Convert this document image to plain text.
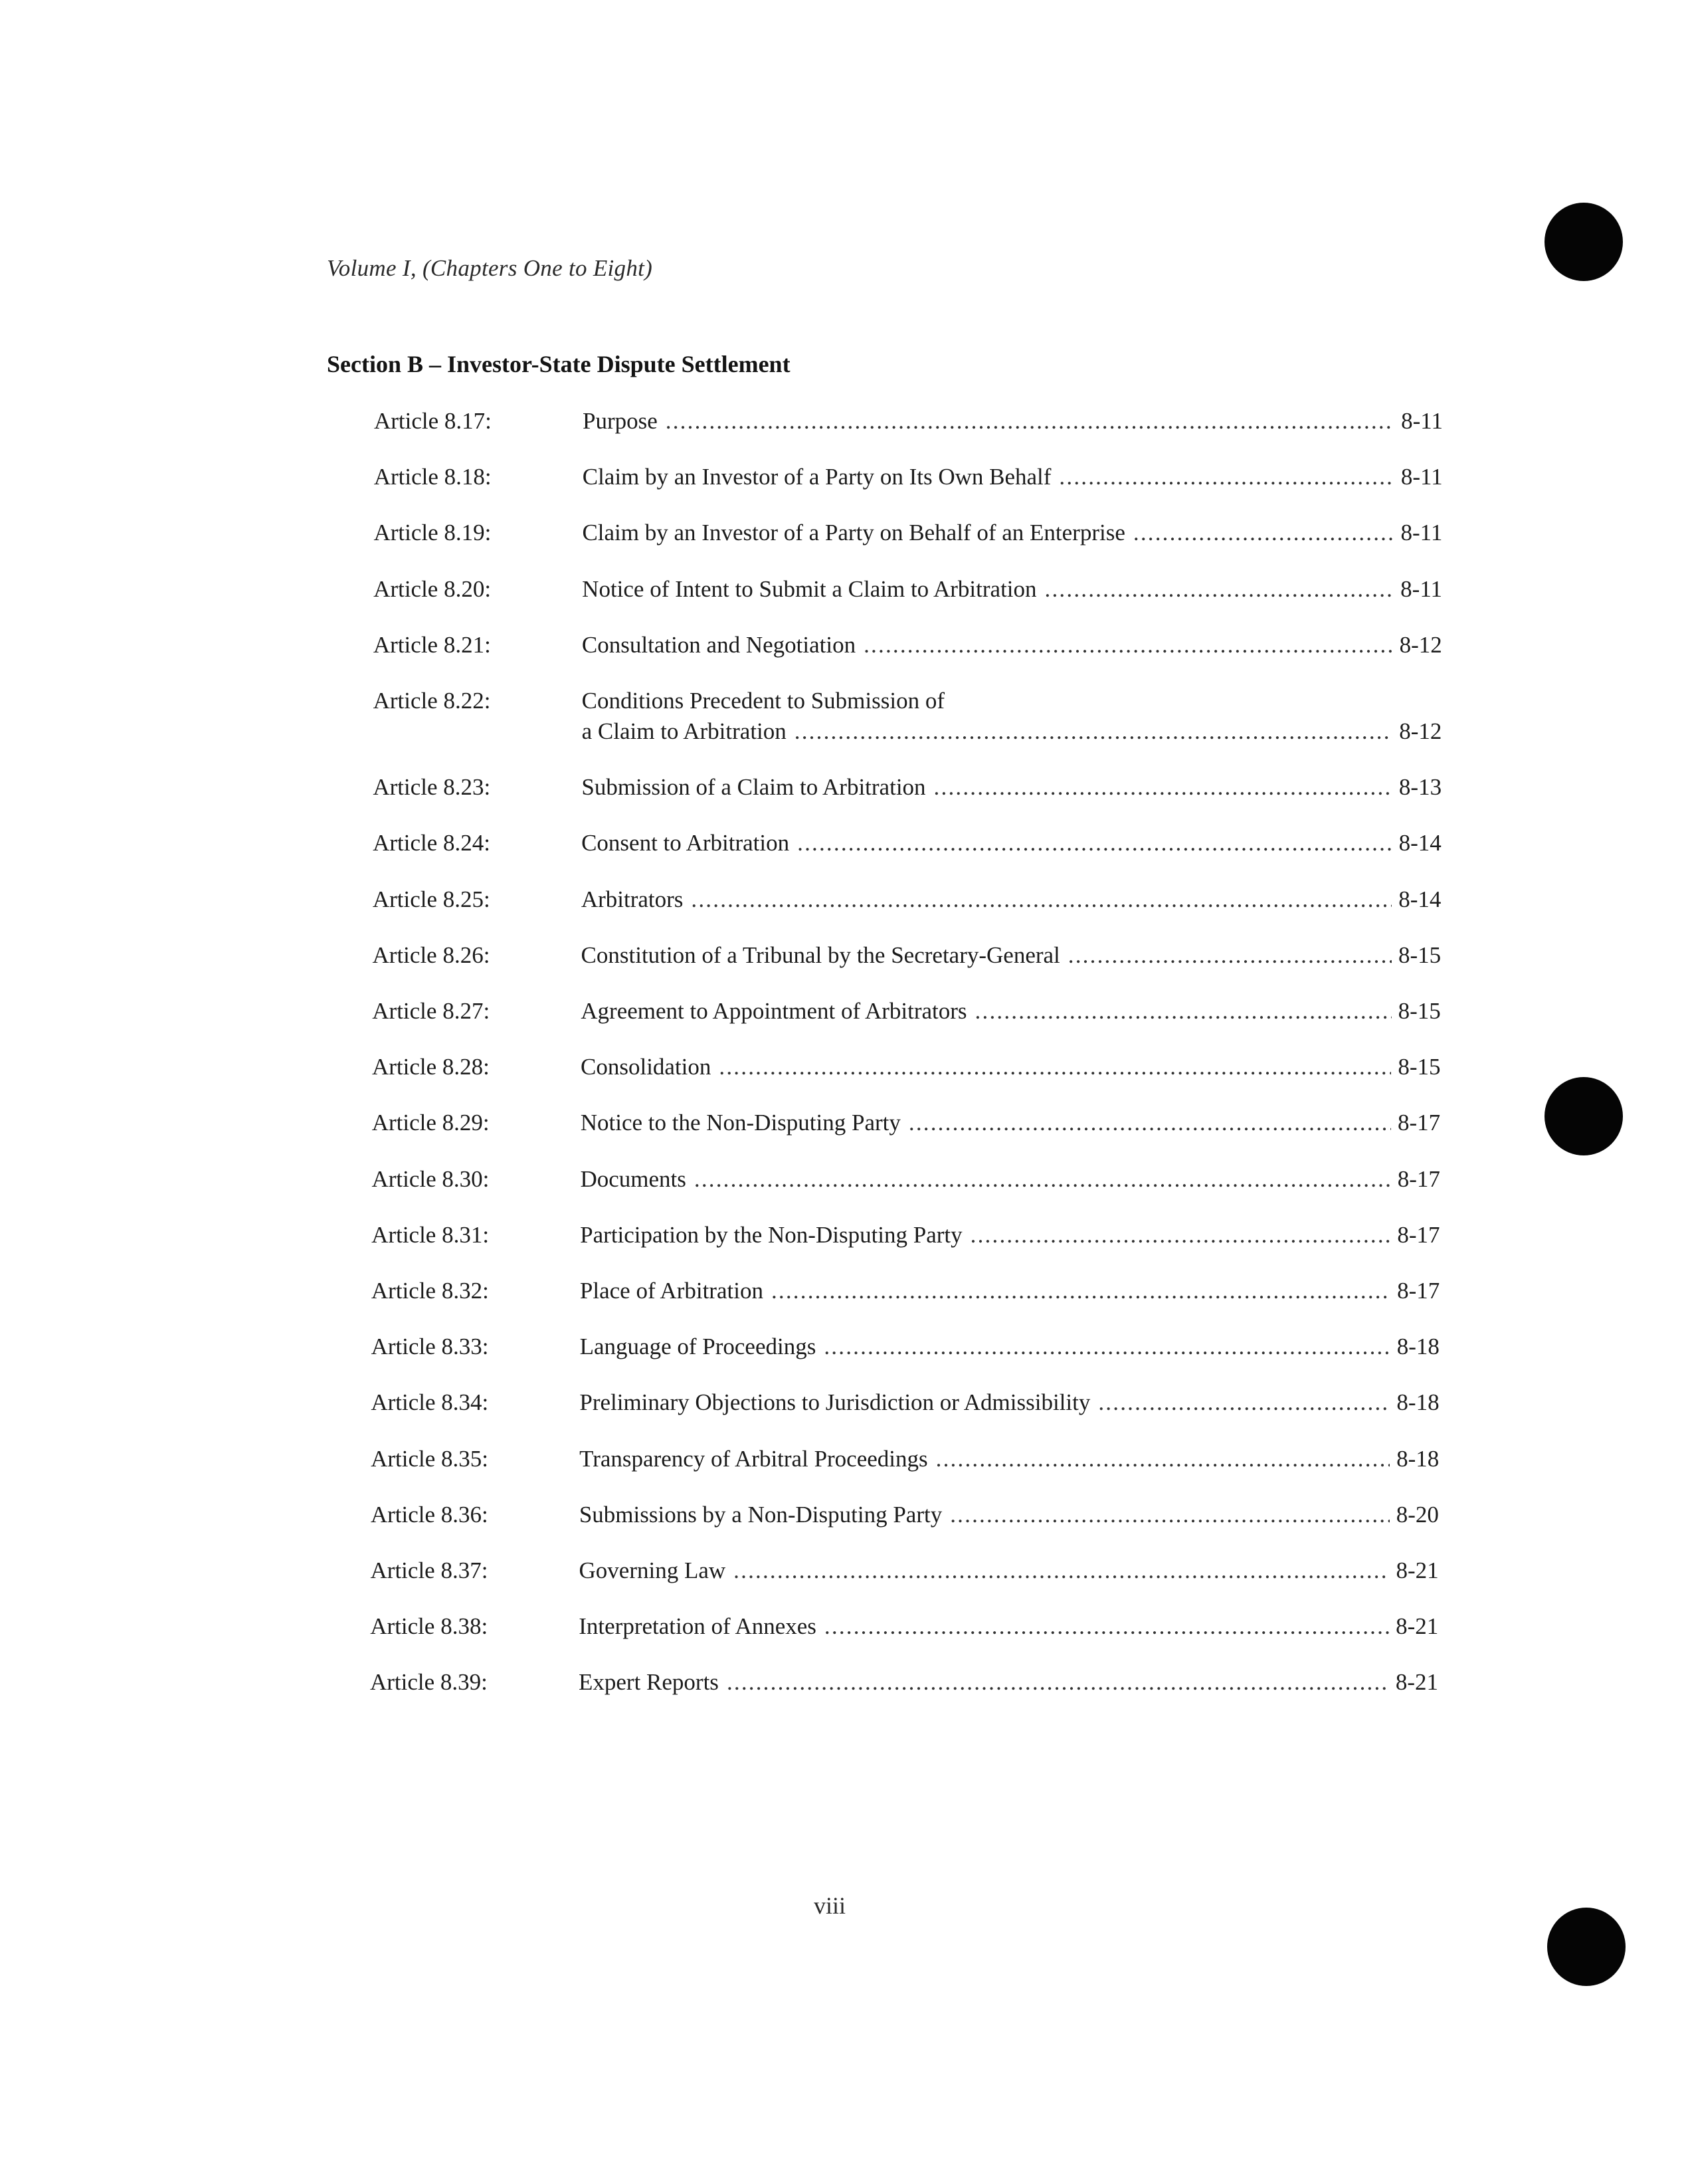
Volume I, (Chapters One to Eight)
Section B – Investor-State Dispute Settlement
Article 8.17:	Purpose .....	8-11
Article 8.18:	Claim by an Investor of a Party on Its Own Behalf .....	8-11
Article 8.19:	Claim by an Investor of a Party on Behalf of an Enterprise .....	8-11
Article 8.20:	Notice of Intent to Submit a Claim to Arbitration .....	8-11
Article 8.21:	Consultation and Negotiation .....	8-12
Article 8.22:	Conditions Precedent to Submission of
a Claim to Arbitration .....	8-12
Article 8.23:	Submission of a Claim to Arbitration .....	8-13
Article 8.24:	Consent to Arbitration .....	8-14
Article 8.25:	Arbitrators .....	8-14
Article 8.26:	Constitution of a Tribunal by the Secretary-General .....	8-15
Article 8.27:	Agreement to Appointment of Arbitrators .....	8-15
Article 8.28:	Consolidation .....	8-15
Article 8.29:	Notice to the Non-Disputing Party .....	8-17
Article 8.30:	Documents .....	8-17
Article 8.31:	Participation by the Non-Disputing Party .....	8-17
Article 8.32:	Place of Arbitration .....	8-17
Article 8.33:	Language of Proceedings .....	8-18
Article 8.34:	Preliminary Objections to Jurisdiction or Admissibility .....	8-18
Article 8.35:	Transparency of Arbitral Proceedings .....	8-18
Article 8.36:	Submissions by a Non-Disputing Party .....	8-20
Article 8.37:	Governing Law .....	8-21
Article 8.38:	Interpretation of Annexes .....	8-21
Article 8.39:	Expert Reports .....	8-21
viii
